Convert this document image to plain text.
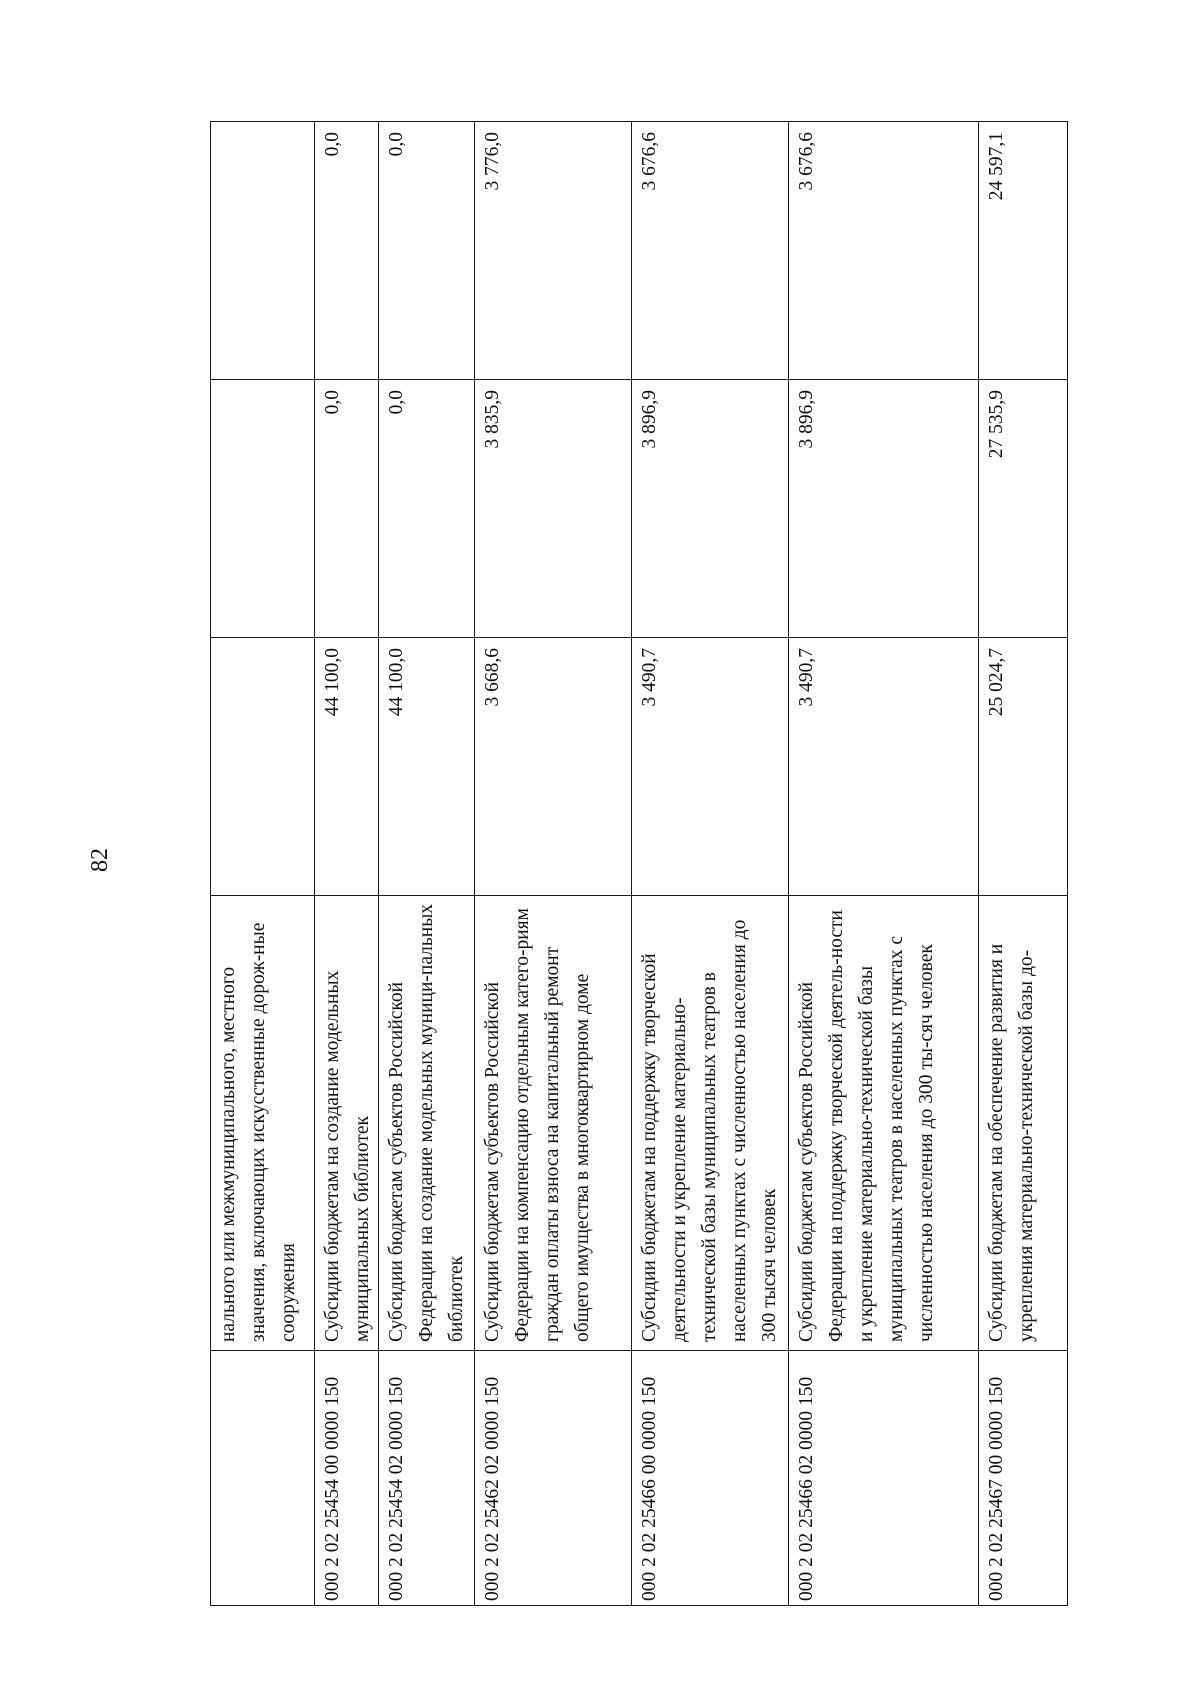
82
	нального или межмуниципального, местного значения, включающих искусственные дорож-ные сооружения			
000 2 02 25454 00 0000 150	Субсидии бюджетам на создание модельных муниципальных библиотек	44 100,0	0,0	0,0
000 2 02 25454 02 0000 150	Субсидии бюджетам субъектов Российской Федерации на создание модельных муници-пальных библиотек	44 100,0	0,0	0,0
000 2 02 25462 02 0000 150	Субсидии бюджетам субъектов Российской Федерации на компенсацию отдельным катего-риям граждан оплаты взноса на капитальный ремонт общего имущества в многоквартирном доме	3 668,6	3 835,9	3 776,0
000 2 02 25466 00 0000 150	Субсидии бюджетам на поддержку творческой деятельности и укрепление материально-технической базы муниципальных театров в населенных пунктах с численностью населения до 300 тысяч человек	3 490,7	3 896,9	3 676,6
000 2 02 25466 02 0000 150	Субсидии бюджетам субъектов Российской Федерации на поддержку творческой деятель-ности и укрепление материально-технической базы муниципальных театров в населенных пунктах с численностью населения до 300 ты-сяч человек	3 490,7	3 896,9	3 676,6
000 2 02 25467 00 0000 150	Субсидии бюджетам на обеспечение развития и укрепления материально-технической базы до-	25 024,7	27 535,9	24 597,1
